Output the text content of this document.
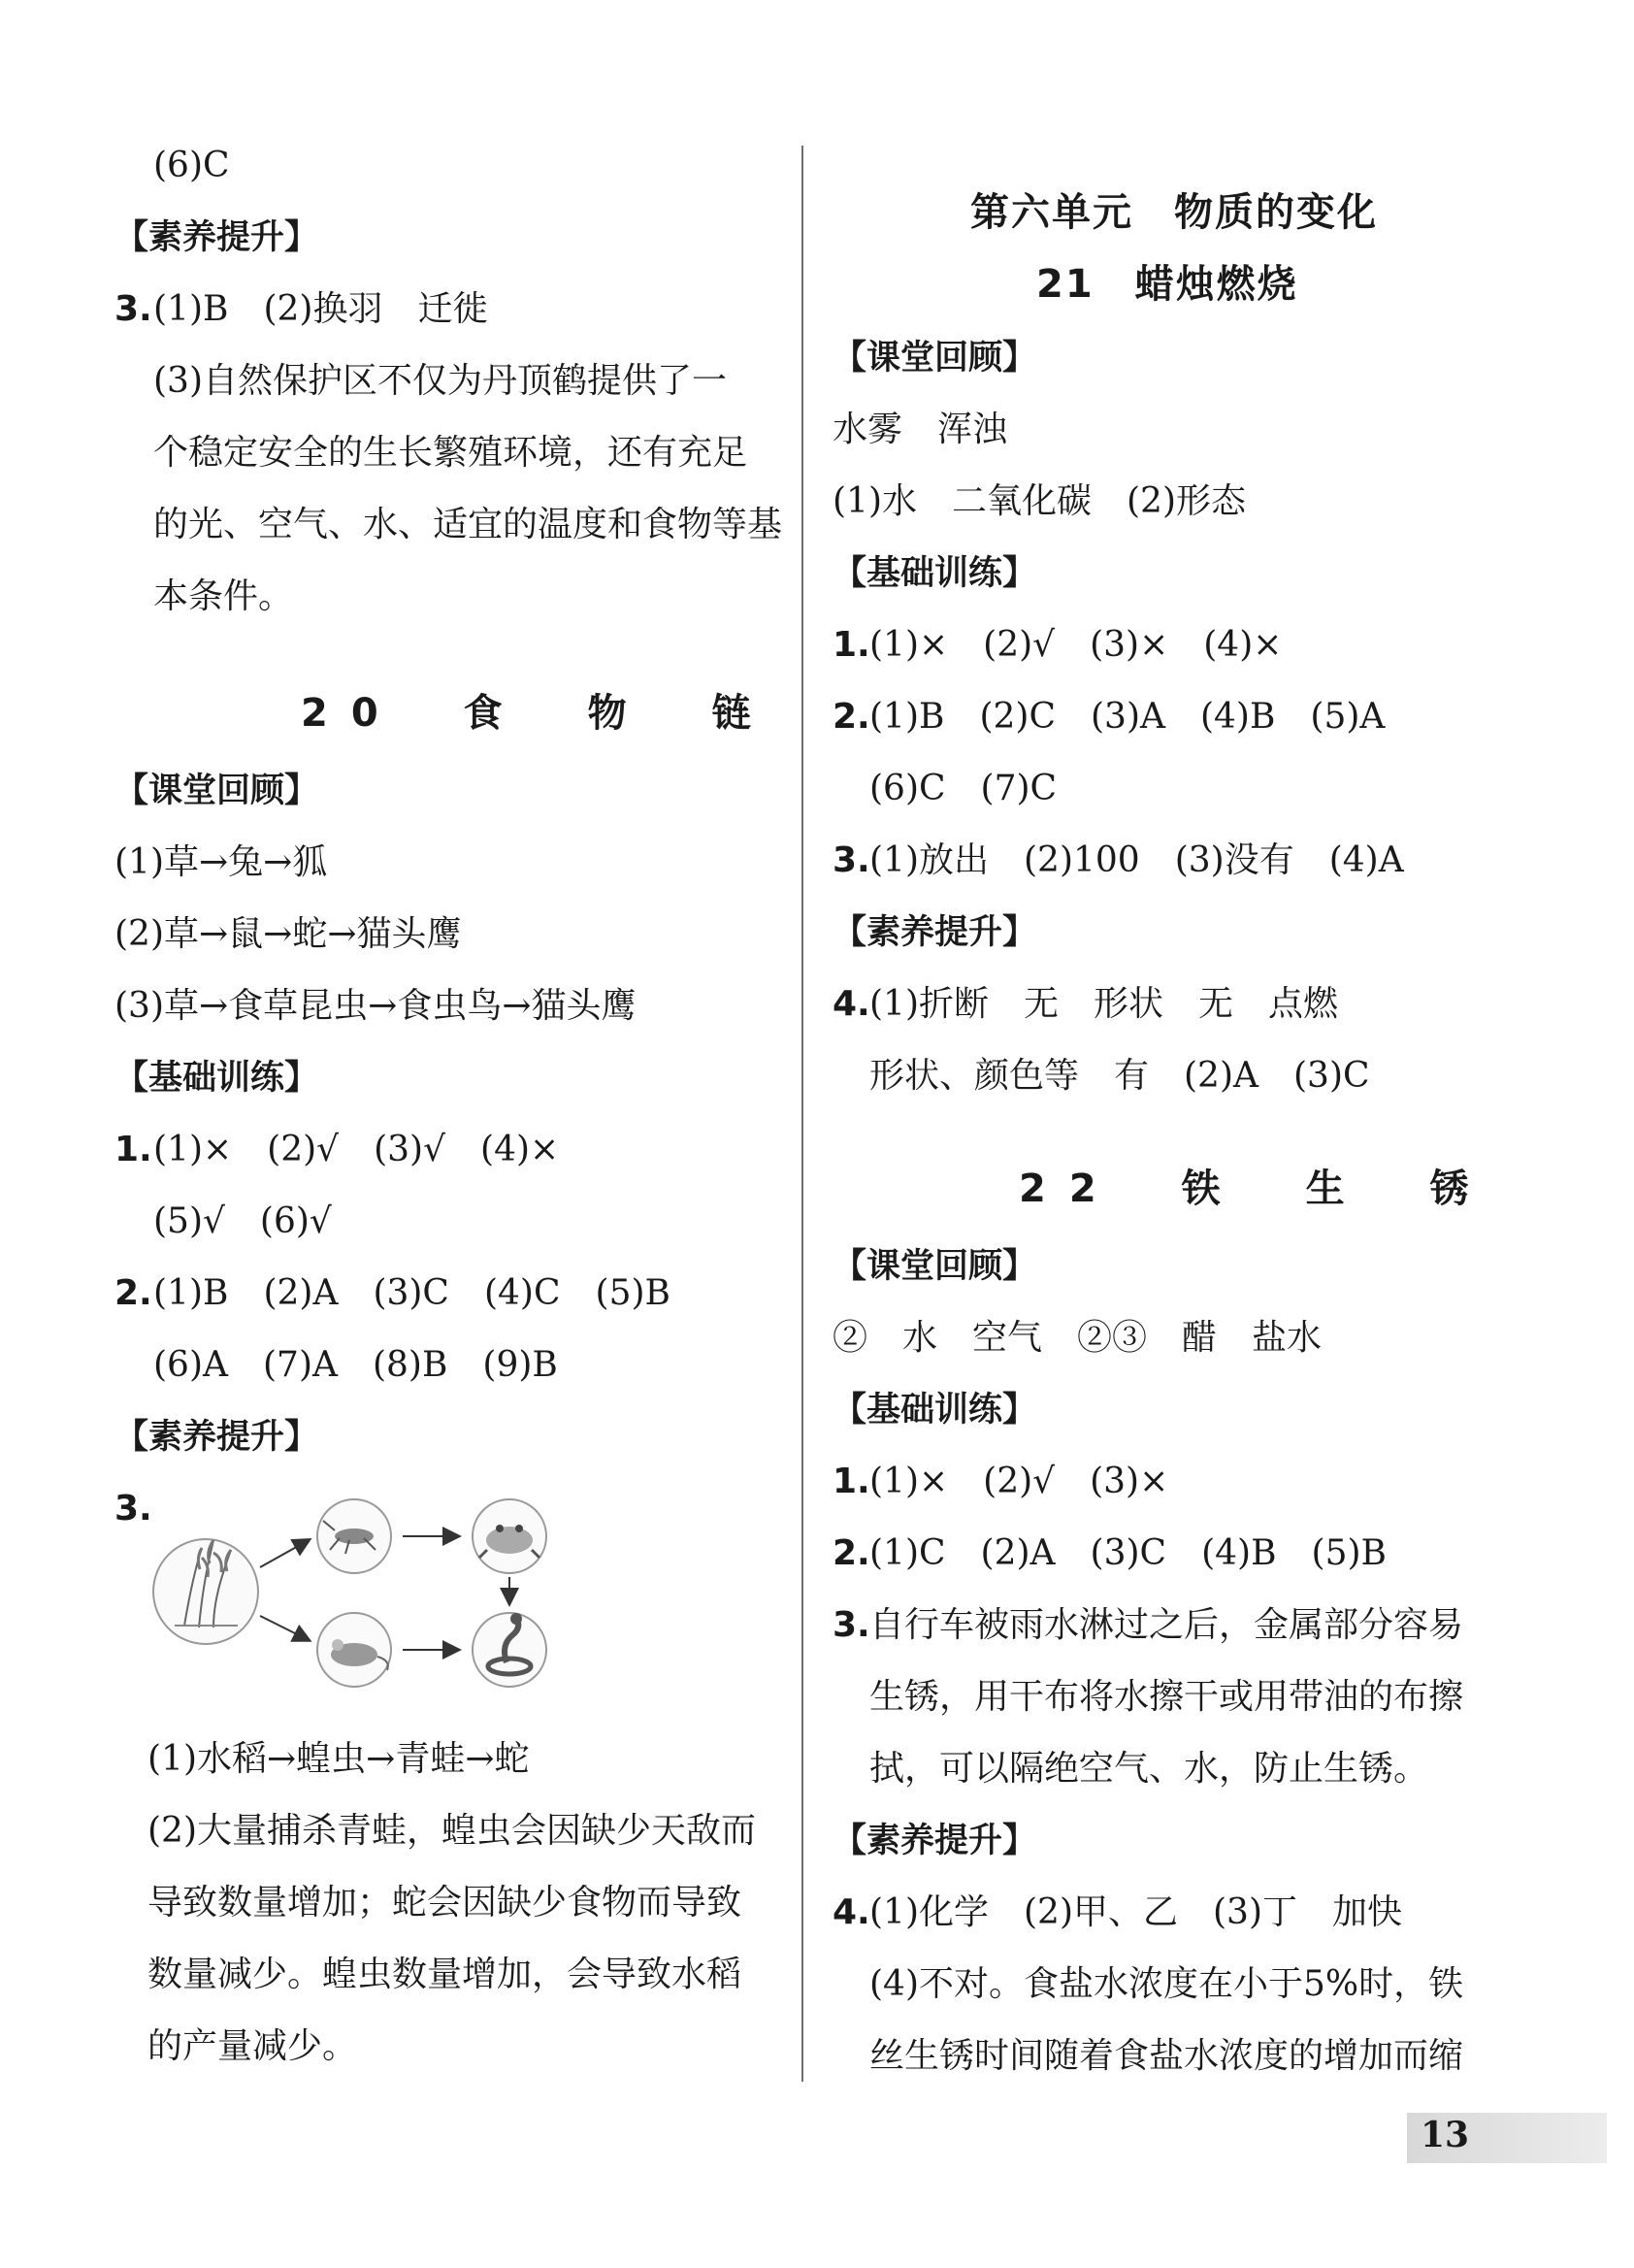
(6)C
【素养提升】
3. (1)B　(2)换羽　迁徙
(3)自然保护区不仅为丹顶鹤提供了一
个稳定安全的生长繁殖环境，还有充足
的光、空气、水、适宜的温度和食物等基
本条件。
20　食　物　链
【课堂回顾】
(1)草→兔→狐
(2)草→鼠→蛇→猫头鹰
(3)草→食草昆虫→食虫鸟→猫头鹰
【基础训练】
1. (1)×　(2)√　(3)√　(4)×
(5)√　(6)√
2. (1)B　(2)A　(3)C　(4)C　(5)B
(6)A　(7)A　(8)B　(9)B
【素养提升】
3.
(1)水稻→蝗虫→青蛙→蛇
(2)大量捕杀青蛙，蝗虫会因缺少天敌而
导致数量增加；蛇会因缺少食物而导致
数量减少。蝗虫数量增加，会导致水稻
的产量减少。
第六单元　物质的变化
21　蜡烛燃烧
【课堂回顾】
水雾　浑浊
(1)水　二氧化碳　(2)形态
【基础训练】
1. (1)×　(2)√　(3)×　(4)×
2. (1)B　(2)C　(3)A　(4)B　(5)A
(6)C　(7)C
3. (1)放出　(2)100　(3)没有　(4)A
【素养提升】
4. (1)折断　无　形状　无　点燃
形状、颜色等　有　(2)A　(3)C
22　铁　生　锈
【课堂回顾】
②　水　空气　②③　醋　盐水
【基础训练】
1. (1)×　(2)√　(3)×
2. (1)C　(2)A　(3)C　(4)B　(5)B
3. 自行车被雨水淋过之后，金属部分容易
生锈，用干布将水擦干或用带油的布擦
拭，可以隔绝空气、水，防止生锈。
【素养提升】
4. (1)化学　(2)甲、乙　(3)丁　加快
(4)不对。食盐水浓度在小于5%时，铁
丝生锈时间随着食盐水浓度的增加而缩
13
